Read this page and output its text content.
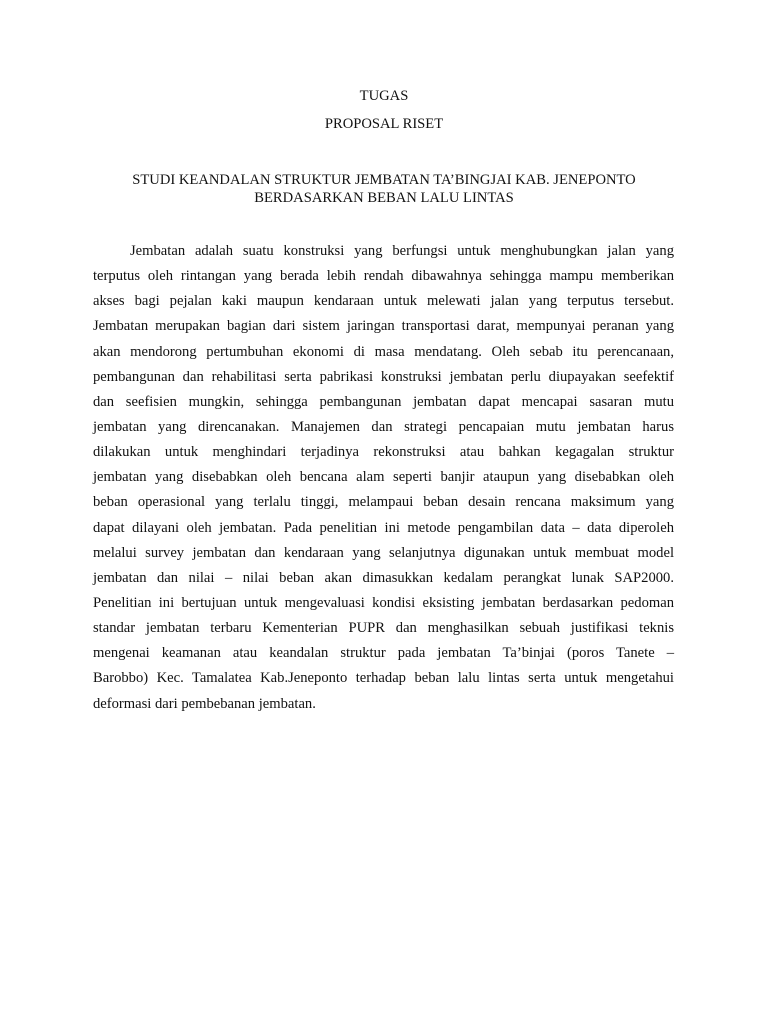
TUGAS
PROPOSAL RISET
STUDI KEANDALAN STRUKTUR JEMBATAN TA’BINGJAI KAB. JENEPONTO
BERDASARKAN BEBAN LALU LINTAS
Jembatan adalah suatu konstruksi yang berfungsi untuk menghubungkan jalan yang
terputus oleh rintangan yang berada lebih rendah dibawahnya sehingga mampu memberikan
akses bagi pejalan kaki maupun kendaraan untuk melewati jalan yang terputus tersebut.
Jembatan merupakan bagian dari sistem jaringan transportasi darat, mempunyai peranan yang
akan mendorong pertumbuhan ekonomi di masa mendatang. Oleh sebab itu perencanaan,
pembangunan dan rehabilitasi serta pabrikasi konstruksi jembatan perlu diupayakan seefektif
dan seefisien mungkin, sehingga pembangunan jembatan dapat mencapai sasaran mutu
jembatan yang direncanakan. Manajemen dan strategi pencapaian mutu jembatan harus
dilakukan untuk menghindari terjadinya rekonstruksi atau bahkan kegagalan struktur
jembatan yang disebabkan oleh bencana alam seperti banjir ataupun yang disebabkan oleh
beban operasional yang terlalu tinggi, melampaui beban desain rencana maksimum yang
dapat dilayani oleh jembatan. Pada penelitian ini metode pengambilan data – data diperoleh
melalui survey jembatan dan kendaraan yang selanjutnya digunakan untuk membuat model
jembatan dan nilai – nilai beban akan dimasukkan kedalam perangkat lunak SAP2000.
Penelitian ini bertujuan untuk mengevaluasi kondisi eksisting jembatan berdasarkan pedoman
standar jembatan terbaru Kementerian PUPR dan menghasilkan sebuah justifikasi teknis
mengenai keamanan atau keandalan struktur pada jembatan Ta’binjai (poros Tanete –
Barobbo) Kec. Tamalatea Kab.Jeneponto terhadap beban lalu lintas serta untuk mengetahui
deformasi dari pembebanan jembatan.
